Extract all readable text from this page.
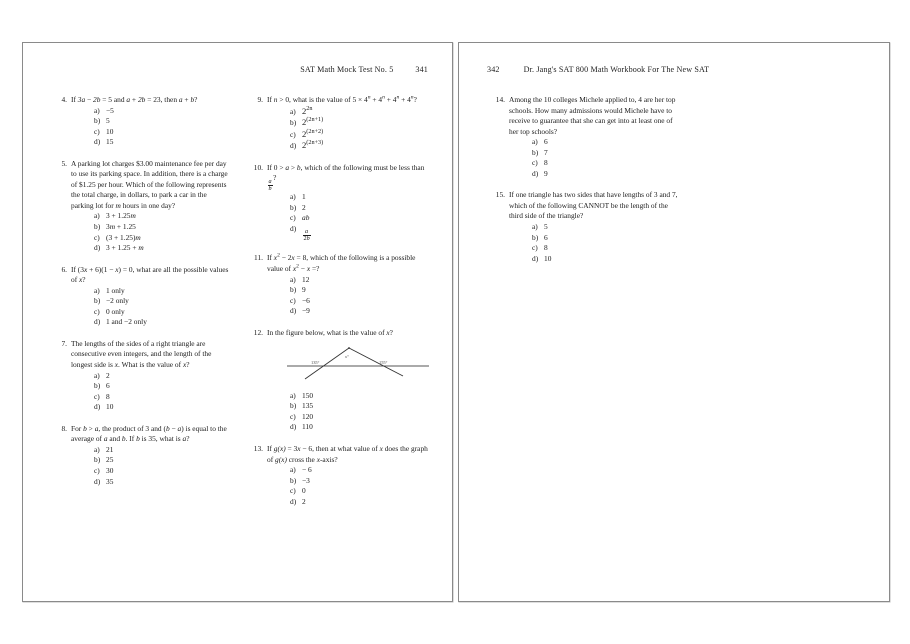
SAT Math Mock Test No. 5	341
4. If 3a − 2b = 5 and a + 2b = 23, then a + b?

a) −5
b) 5
c) 10
d) 15
5. A parking lot charges $3.00 maintenance fee per day to use its parking space. In addition, there is a charge of $1.25 per hour. Which of the following represents the total charge, in dollars, to park a car in the parking lot for m hours in one day?

a) 3 + 1.25m
b) 3m + 1.25
c) (3 + 1.25)m
d) 3 + 1.25 + m
6. If (3x + 6)(1 − x) = 0, what are all the possible values of x?

a) 1 only
b) −2 only
c) 0 only
d) 1 and −2 only
7. The lengths of the sides of a right triangle are consecutive even integers, and the length of the longest side is x. What is the value of x?

a) 2
b) 6
c) 8
d) 10
8. For b > a, the product of 3 and (b − a) is equal to the average of a and b. If b is 35, what is a?

a) 21
b) 25
c) 30
d) 35
9. If n > 0, what is the value of $5 \times 4^n + 4^n + 4^n + 4^n$?

a) $2^{2n}$
b) $2^{(2n+1)}$
c) $2^{(2n+2)}$
d) $2^{(2n+3)}$
10. If 0 > a > b, which of the following must be less than
$\frac{a}{b}$
?

a) 1
b) 2
c) ab
d)
$\frac{a}{2b}$
11. If $x^2 - 2x = 8$, which of the following is a possible value of $x^2 - x$ =?

a) 12
b) 9
c) −6
d) −9
12. In the figure below, what is the value of x?

135°	155°
x°
a) 150
b) 135
c) 120
d) 110
13. If g(x) = 3x − 6, then at what value of x does the graph of g(x) cross the x-axis?

a) − 6
b) −3
c) 0
d) 2
342	Dr. Jang's SAT 800 Math Workbook For The New SAT
14. Among the 10 colleges Michele applied to, 4 are her top schools. How many admissions would Michele have to receive to guarantee that she can get into at least one of her top schools?

a) 6
b) 7
c) 8
d) 9
15. If one triangle has two sides that have lengths of 3 and 7, which of the following CANNOT be the length of the third side of the triangle?

a) 5
b) 6
c) 8
d) 10
